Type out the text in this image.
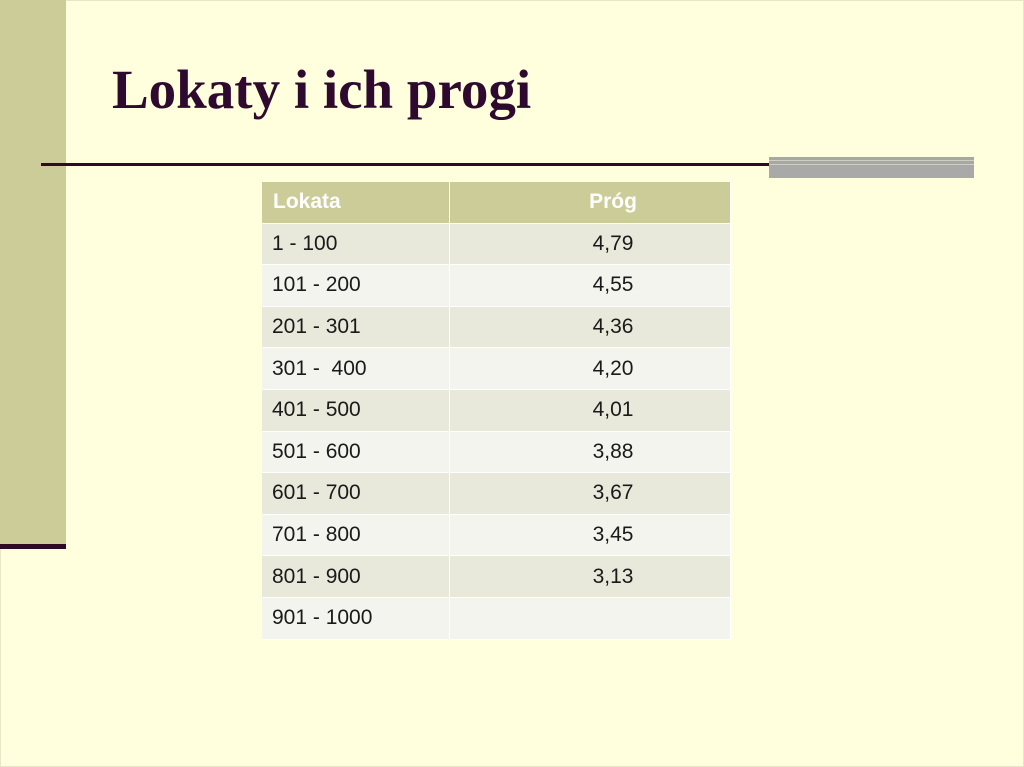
Lokaty i ich progi
Lokata	Próg
1 - 100	4,79
101 - 200	4,55
201 - 301	4,36
301 -  400	4,20
401 - 500	4,01
501 - 600	3,88
601 - 700	3,67
701 - 800	3,45
801 - 900	3,13
901 - 1000	
